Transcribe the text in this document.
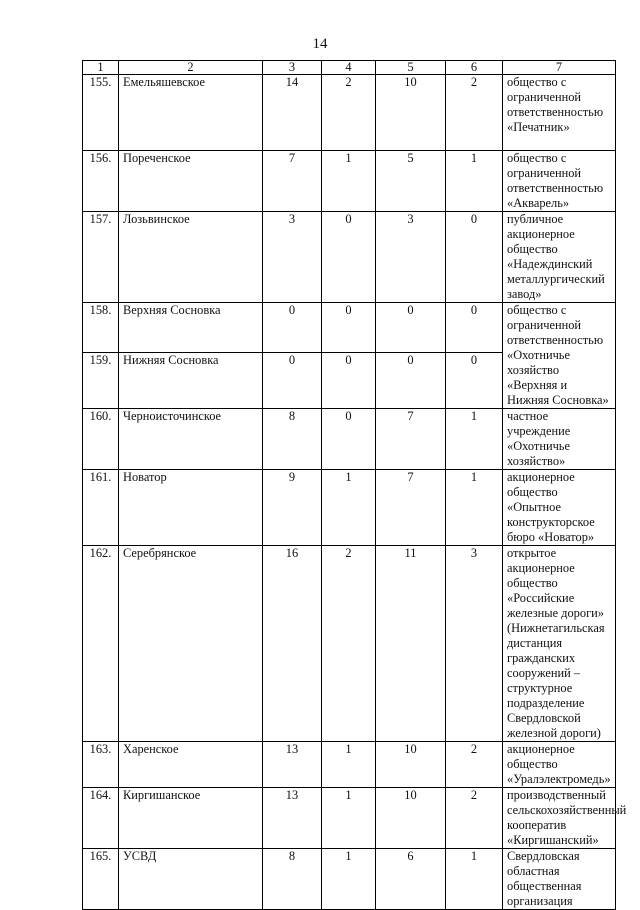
14
1	2	3	4	5	6	7
155.	Емельяшевское	14	2	10	2	общество с ограниченной ответственностью «Печатник»
156.	Пореченское	7	1	5	1	общество с ограниченной ответственностью «Акварель»
157.	Лозьвинское	3	0	3	0	публичное акционерное общество «Надеждинский металлургический завод»
158.	Верхняя Сосновка	0	0	0	0	общество с ограниченной ответственностью «Охотничье хозяйство «Верхняя и Нижняя Сосновка»
159.	Нижняя Сосновка	0	0	0	0	
160.	Черноисточинское	8	0	7	1	частное учреждение «Охотничье хозяйство»
161.	Новатор	9	1	7	1	акционерное общество «Опытное конструкторское бюро «Новатор»
162.	Серебрянское	16	2	11	3	открытое акционерное общество «Российские железные дороги» (Нижнетагильская дистанция гражданских сооружений – структурное подразделение Свердловской железной дороги)
163.	Харенское	13	1	10	2	акционерное общество «Уралэлектромедь»
164.	Киргишанское	13	1	10	2	производственный сельскохозяйственный кооператив «Киргишанский»
165.	УСВД	8	1	6	1	Свердловская областная общественная организация
